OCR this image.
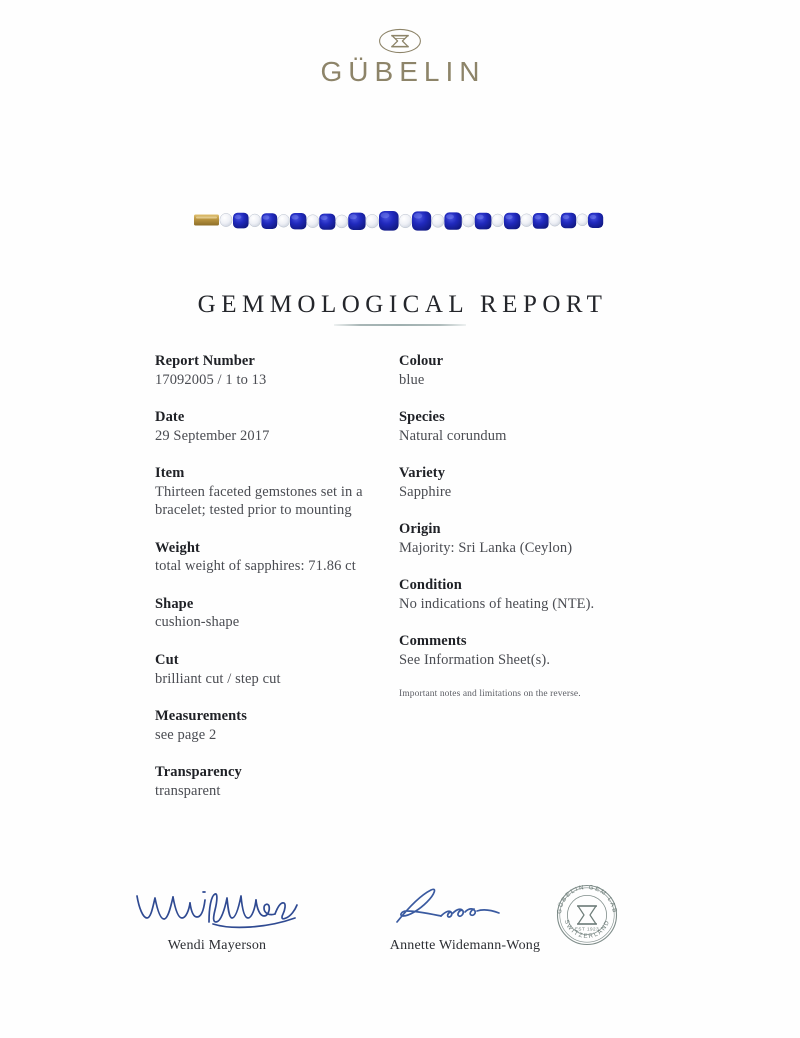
GÜBELIN
GEMMOLOGICAL REPORT
Report Number
17092005 / 1 to 13
Date
29 September 2017
Item
Thirteen faceted gemstones set in a bracelet; tested prior to mounting
Weight
total weight of sapphires: 71.86 ct
Shape
cushion-shape
Cut
brilliant cut / step cut
Measurements
see page 2
Transparency
transparent
Colour
blue
Species
Natural corundum
Variety
Sapphire
Origin
Majority: Sri Lanka (Ceylon)
Condition
No indications of heating (NTE).
Comments
See Information Sheet(s).
Important notes and limitations on the reverse.
Wendi Mayerson	Annette Widemann-Wong
GÜBELIN GEM LAB
SWITZERLAND
EST 1923
